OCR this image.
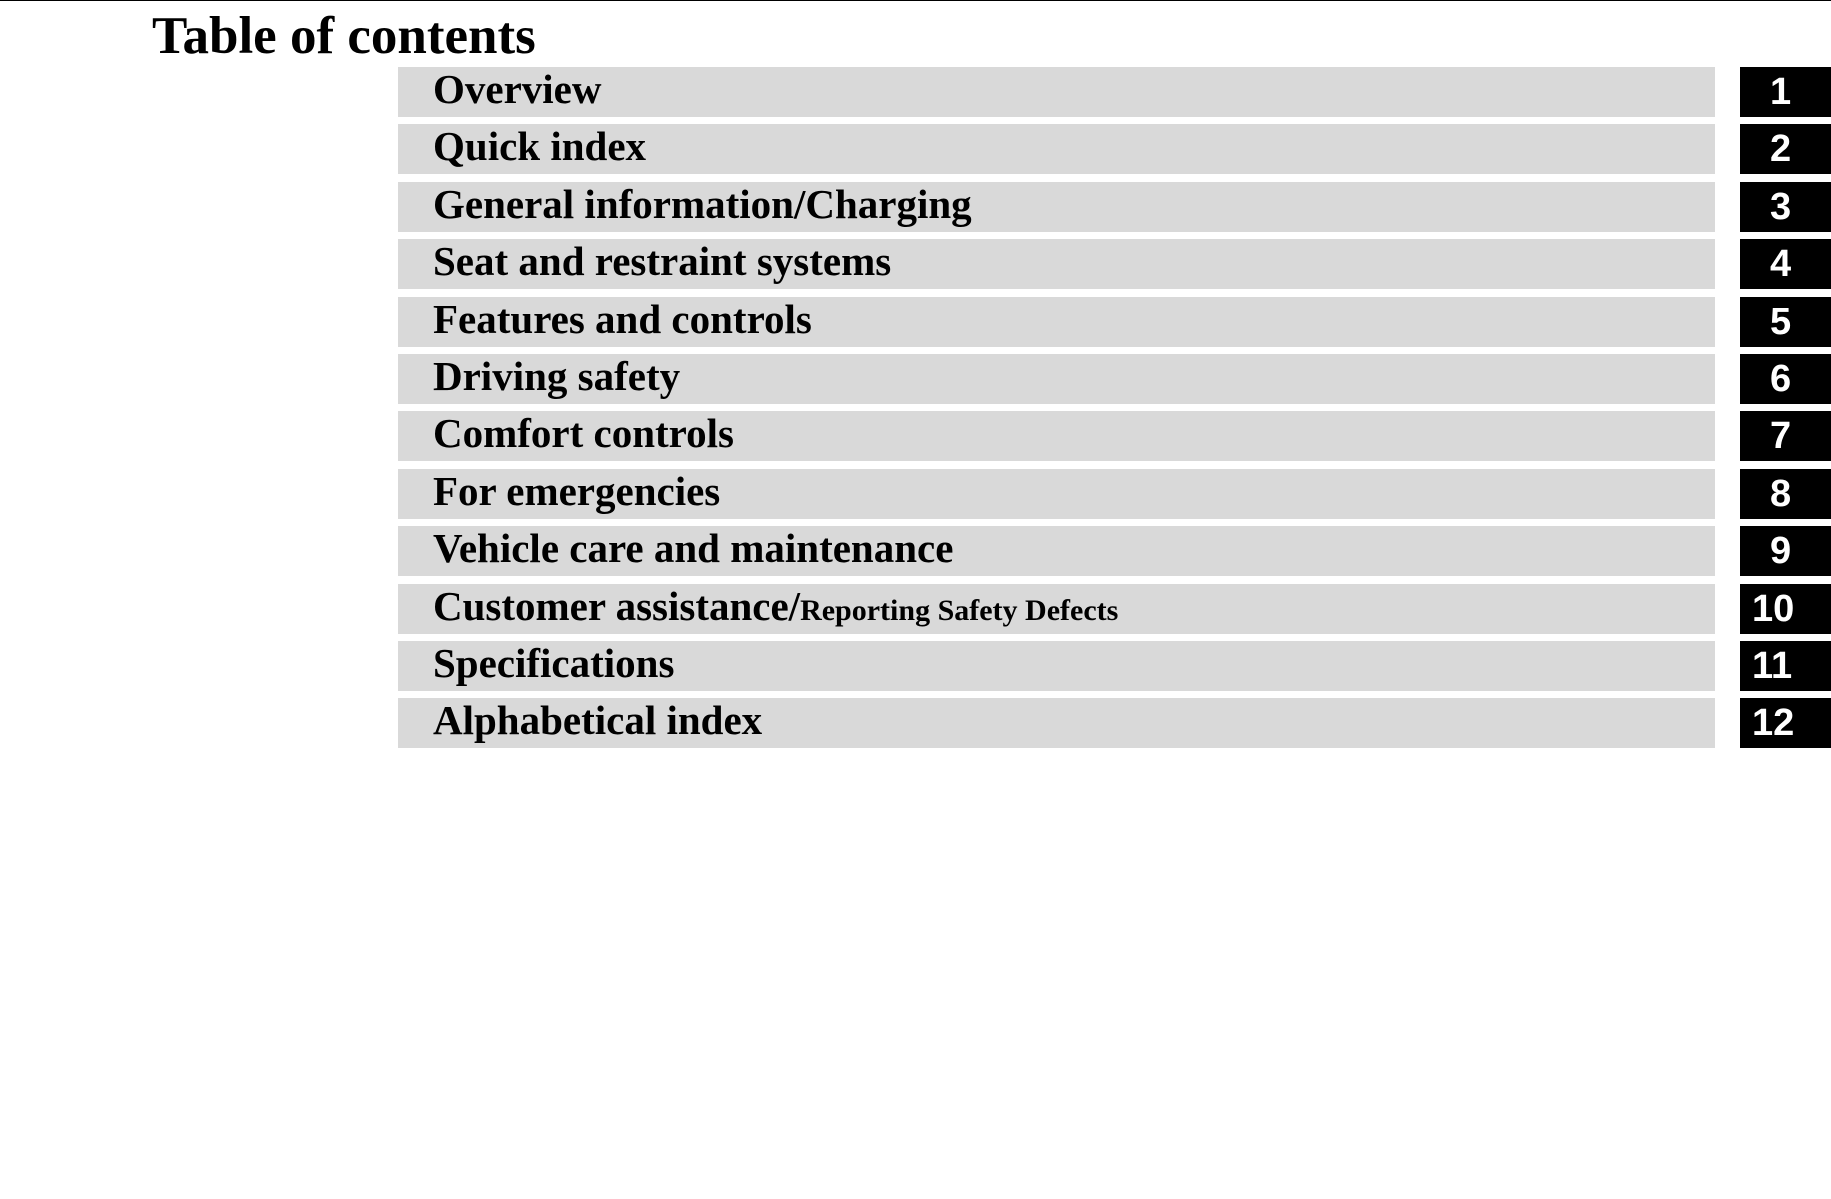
Table of contents
Overview	1
Quick index	2
General information/Charging	3
Seat and restraint systems	4
Features and controls	5
Driving safety	6
Comfort controls	7
For emergencies	8
Vehicle care and maintenance	9
Customer assistance/Reporting Safety Defects	10
Specifications	11
Alphabetical index	12
